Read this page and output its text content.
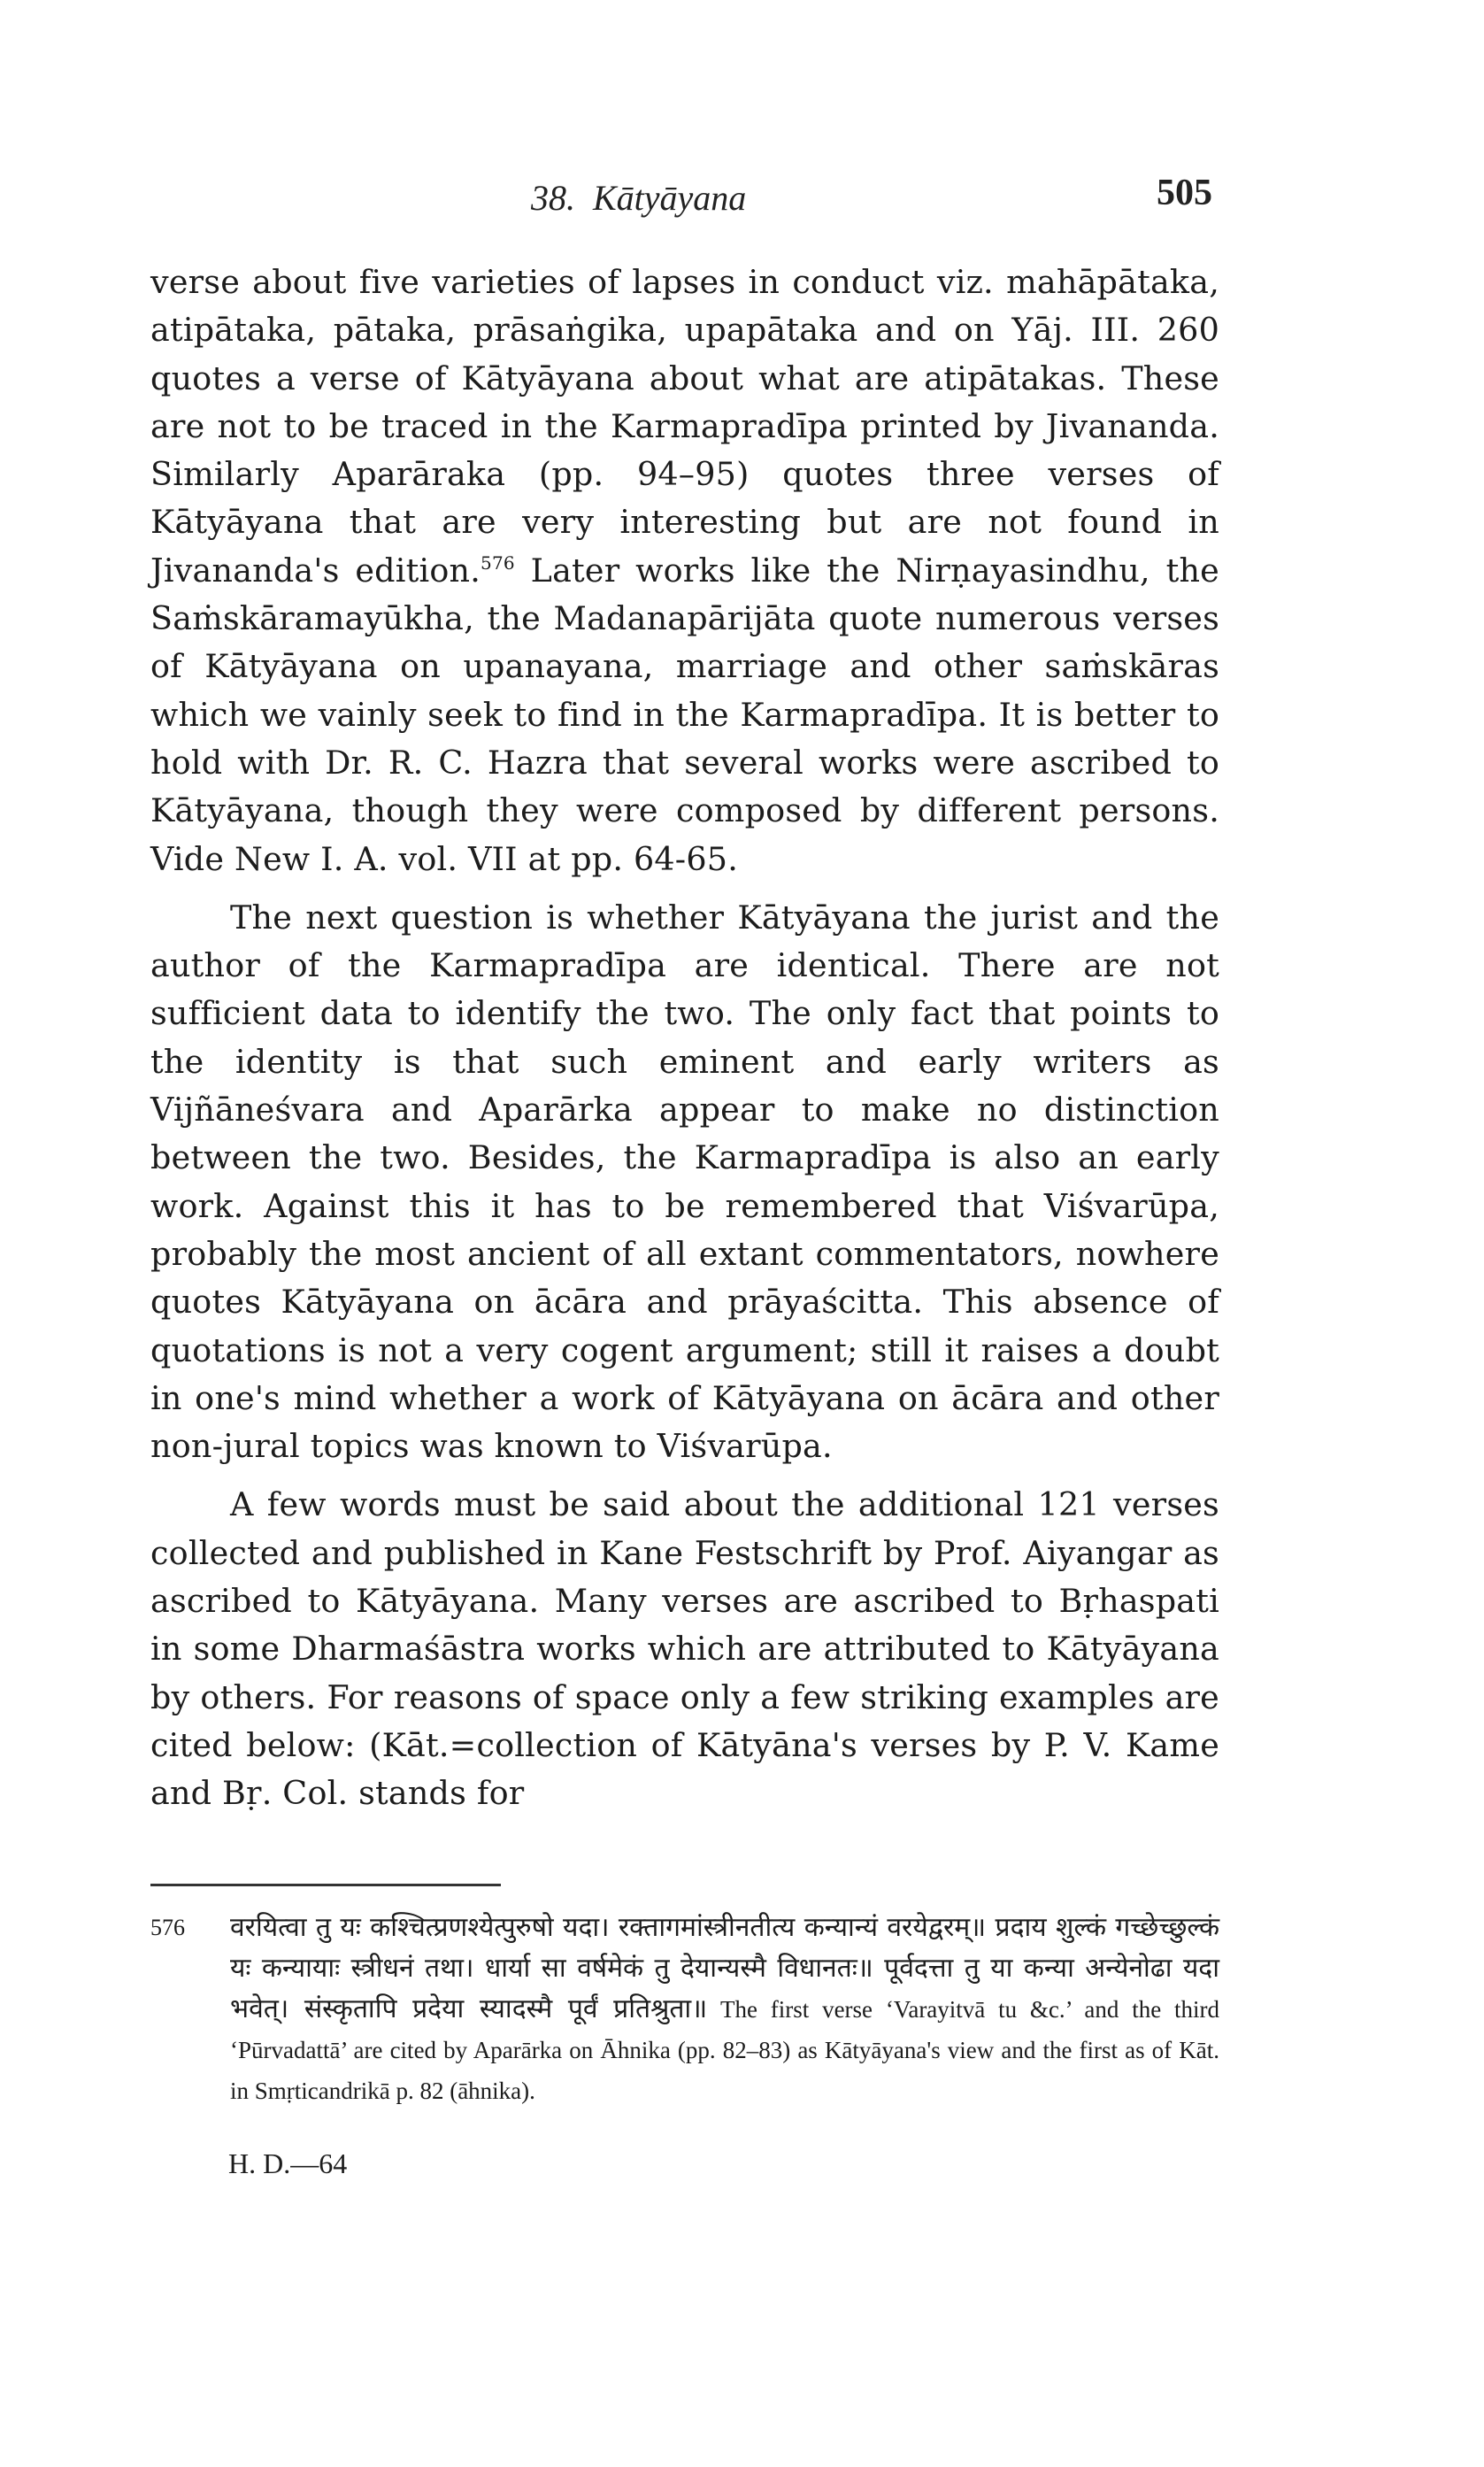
38. Kātyāyana	505

verse about five varieties of lapses in conduct viz. mahāpātaka, atipātaka, pātaka, prāsaṅgika, upapātaka and on Yāj. III. 260 quotes a verse of Kātyāyana about what are atipātakas. These are not to be traced in the Karmapradīpa printed by Jivananda. Similarly Aparāraka (pp. 94–95) quotes three verses of Kātyāyana that are very interesting but are not found in Jivananda's edition.$^{576}$ Later works like the Nirṇayasindhu, the Saṁskāramayūkha, the Madanapārijāta quote numerous verses of Kātyāyana on upanayana, marriage and other saṁskāras which we vainly seek to find in the Karmapradīpa. It is better to hold with Dr. R. C. Hazra that several works were ascribed to Kātyāyana, though they were composed by different persons. Vide New I. A. vol. VII at pp. 64-65.

The next question is whether Kātyāyana the jurist and the author of the Karmapradīpa are identical. There are not sufficient data to identify the two. The only fact that points to the identity is that such eminent and early writers as Vijñāneśvara and Aparārka appear to make no distinction between the two. Besides, the Karmapradīpa is also an early work. Against this it has to be remembered that Viśvarūpa, probably the most ancient of all extant commentators, nowhere quotes Kātyāyana on ācāra and prāyaścitta. This absence of quotations is not a very cogent argument; still it raises a doubt in one's mind whether a work of Kātyāyana on ācāra and other non-jural topics was known to Viśvarūpa.

A few words must be said about the additional 121 verses collected and published in Kane Festschrift by Prof. Aiyangar as ascribed to Kātyāyana. Many verses are ascribed to Bṛhaspati in some Dharmaśāstra works which are attributed to Kātyāyana by others. For reasons of space only a few striking examples are cited below: (Kāt.=collection of Kātyāna's verses by P. V. Kame and Bṛ. Col. stands for

576 वरयित्वा तु यः कश्चित्प्रणश्येत्पुरुषो यदा। रक्तागमांस्त्रीनतीत्य कन्यान्यं वरयेद्वरम्॥ प्रदाय शुल्कं गच्छेच्छुल्कं यः कन्यायाः स्त्रीधनं तथा। धार्या सा वर्षमेकं तु देयान्यस्मै विधानतः॥ पूर्वदत्ता तु या कन्या अन्येनोढा यदा भवेत्। संस्कृतापि प्रदेया स्यादस्मै पूर्वं प्रतिश्रुता॥ The first verse ‘Varayitvā tu &c.’ and the third ‘Pūrvadattā’ are cited by Aparārka on Āhnika (pp. 82–83) as Kātyāyana's view and the first as of Kāt. in Smṛticandrikā p. 82 (āhnika).
H. D.—64
